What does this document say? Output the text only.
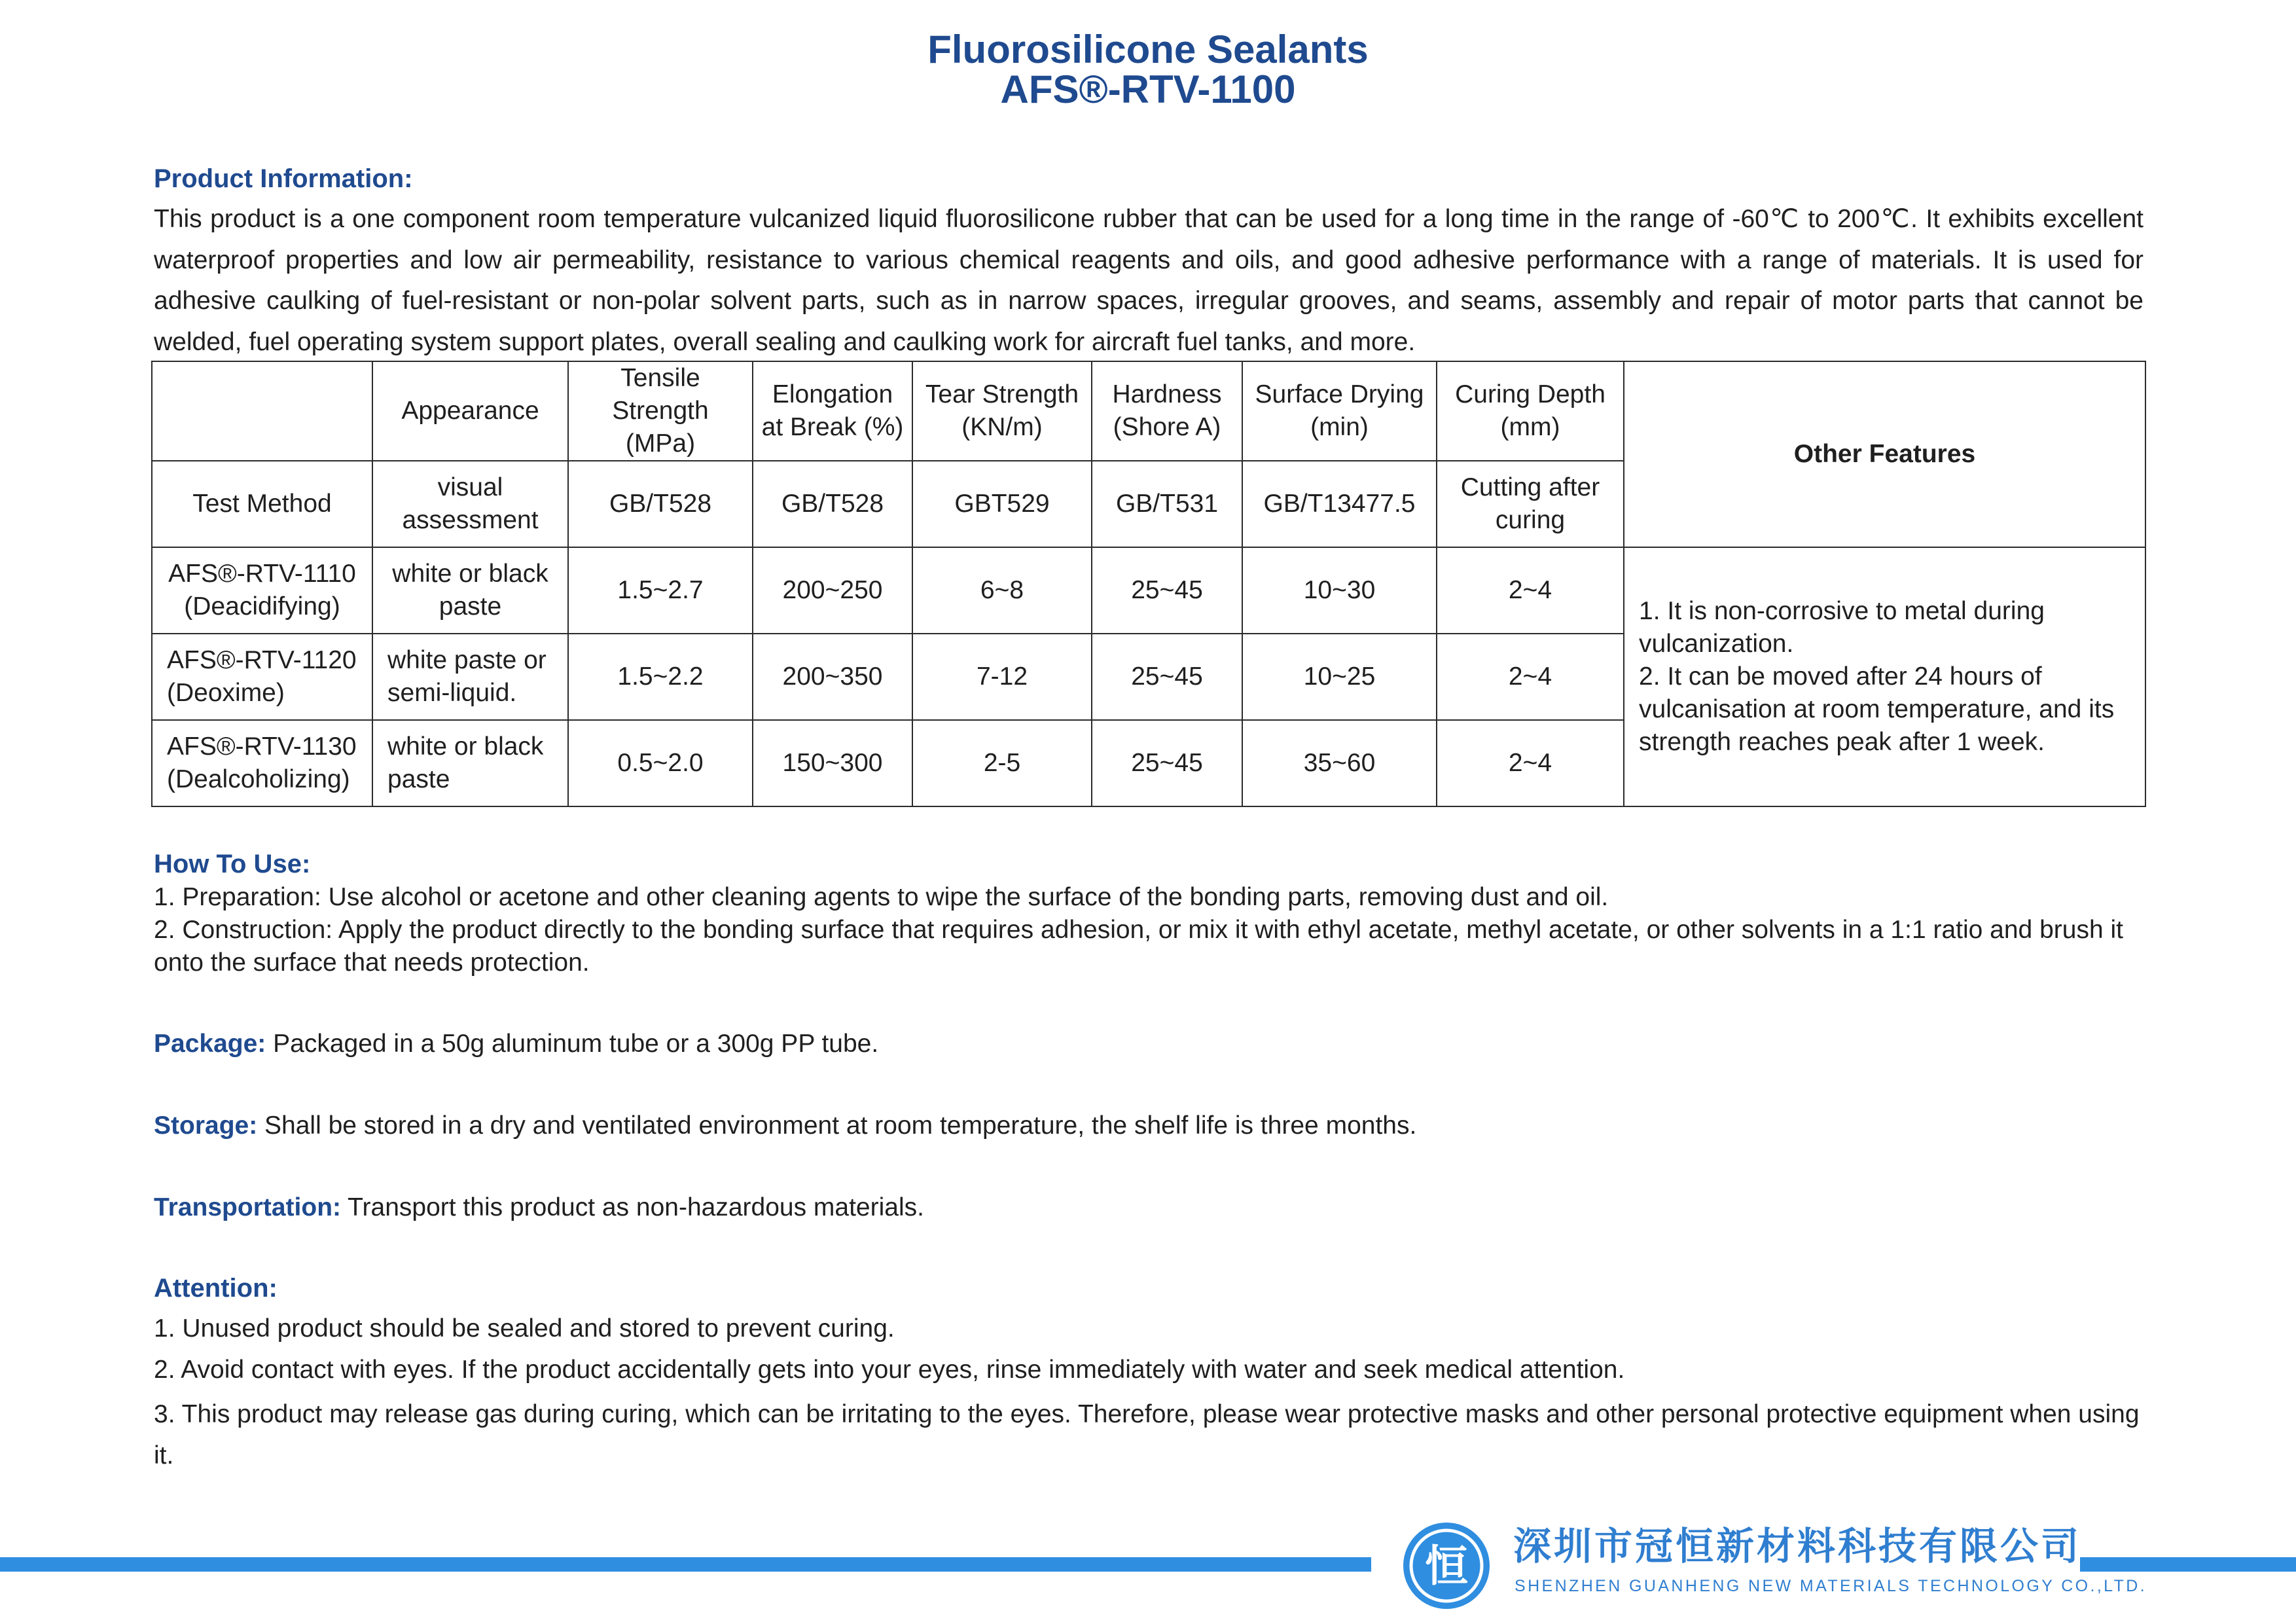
Fluorosilicone Sealants
AFS®-RTV-1100
Product Information:
This product is a one component room temperature vulcanized liquid fluorosilicone rubber that can be used for a long time in the range of -60℃ to 200℃. It exhibits excellent waterproof properties and low air permeability, resistance to various chemical reagents and oils, and good adhesive performance with a range of materials. It is used for adhesive caulking of fuel-resistant or non-polar solvent parts, such as in narrow spaces, irregular grooves, and seams, assembly and repair of motor parts that cannot be welded, fuel operating system support plates, overall sealing and caulking work for aircraft fuel tanks, and more.
	Appearance	Tensile Strength (MPa)	Elongation at Break (%)	Tear Strength (KN/m)	Hardness (Shore A)	Surface Drying (min)	Curing Depth (mm)	Other Features
Test Method	visual assessment	GB/T528	GB/T528	GBT529	GB/T531	GB/T13477.5	Cutting after curing	
AFS®-RTV-1110 (Deacidifying)	white or black paste	1.5~2.7	200~250	6~8	25~45	10~30	2~4	1. It is non-corrosive to metal during vulcanization.
2. It can be moved after 24 hours of vulcanisation at room temperature, and its strength reaches peak after 1 week.

AFS®-RTV-1120 (Deoxime)	white paste or semi-liquid.	1.5~2.2	200~350	7-12	25~45	10~25	2~4	
AFS®-RTV-1130 (Dealcoholizing)	white or black paste	0.5~2.0	150~300	2-5	25~45	35~60	2~4	
How To Use:
1. Preparation: Use alcohol or acetone and other cleaning agents to wipe the surface of the bonding parts, removing dust and oil.
2. Construction: Apply the product directly to the bonding surface that requires adhesion, or mix it with ethyl acetate, methyl acetate, or other solvents in a 1:1 ratio and brush it onto the surface that needs protection.
Package: Packaged in a 50g aluminum tube or a 300g PP tube.
Storage: Shall be stored in a dry and ventilated environment at room temperature, the shelf life is three months.
Transportation: Transport this product as non-hazardous materials.
Attention:
1. Unused product should be sealed and stored to prevent curing.
2. Avoid contact with eyes. If the product accidentally gets into your eyes, rinse immediately with water and seek medical attention.
3. This product may release gas during curing, which can be irritating to the eyes. Therefore, please wear protective masks and other personal protective equipment when using it.
恒 深圳市冠恒新材料科技有限公司
SHENZHEN GUANHENG NEW MATERIALS TECHNOLOGY CO.,LTD.
